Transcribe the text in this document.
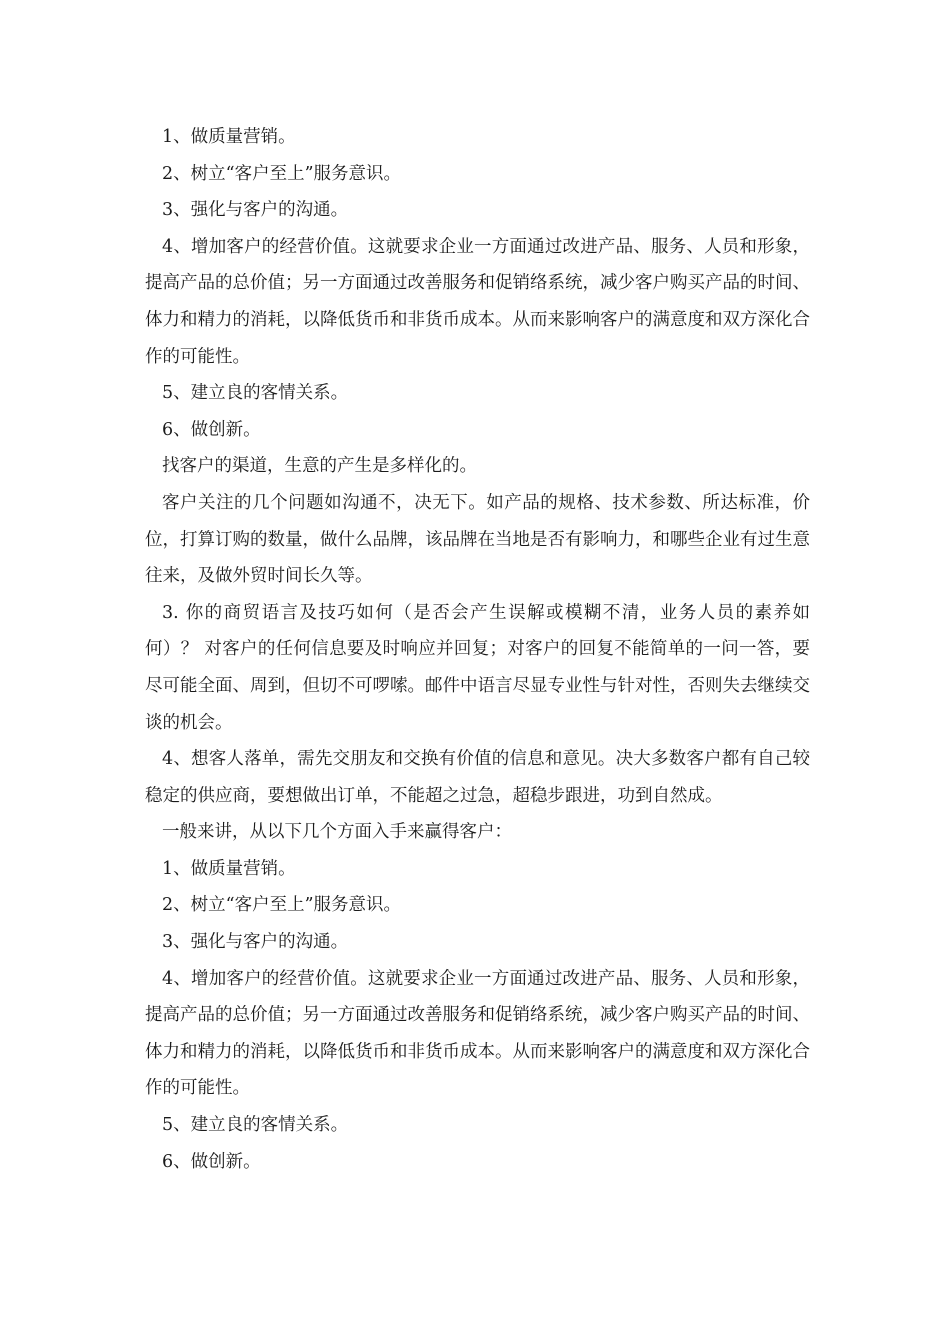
1、做质量营销。

2、树立“客户至上”服务意识。

3、强化与客户的沟通。

4、增加客户的经营价值。这就要求企业一方面通过改进产品、服务、人员和形象，提高产品的总价值；另一方面通过改善服务和促销络系统，减少客户购买产品的时间、体力和精力的消耗，以降低货币和非货币成本。从而来影响客户的满意度和双方深化合作的可能性。

5、建立良的客情关系。

6、做创新。

找客户的渠道，生意的产生是多样化的。

客户关注的几个问题如沟通不，决无下。如产品的规格、技术参数、所达标准，价位，打算订购的数量，做什么品牌，该品牌在当地是否有影响力，和哪些企业有过生意往来，及做外贸时间长久等。

3. 你的商贸语言及技巧如何（是否会产生误解或模糊不清，业务人员的素养如何）？ 对客户的任何信息要及时响应并回复；对客户的回复不能简单的一问一答，要尽可能全面、周到，但切不可啰嗦。邮件中语言尽显专业性与针对性，否则失去继续交谈的机会。

4、想客人落单，需先交朋友和交换有价值的信息和意见。决大多数客户都有自己较稳定的供应商，要想做出订单，不能超之过急，超稳步跟进，功到自然成。

一般来讲，从以下几个方面入手来赢得客户：

1、做质量营销。

2、树立“客户至上”服务意识。

3、强化与客户的沟通。

4、增加客户的经营价值。这就要求企业一方面通过改进产品、服务、人员和形象，提高产品的总价值；另一方面通过改善服务和促销络系统，减少客户购买产品的时间、体力和精力的消耗，以降低货币和非货币成本。从而来影响客户的满意度和双方深化合作的可能性。

5、建立良的客情关系。

6、做创新。
